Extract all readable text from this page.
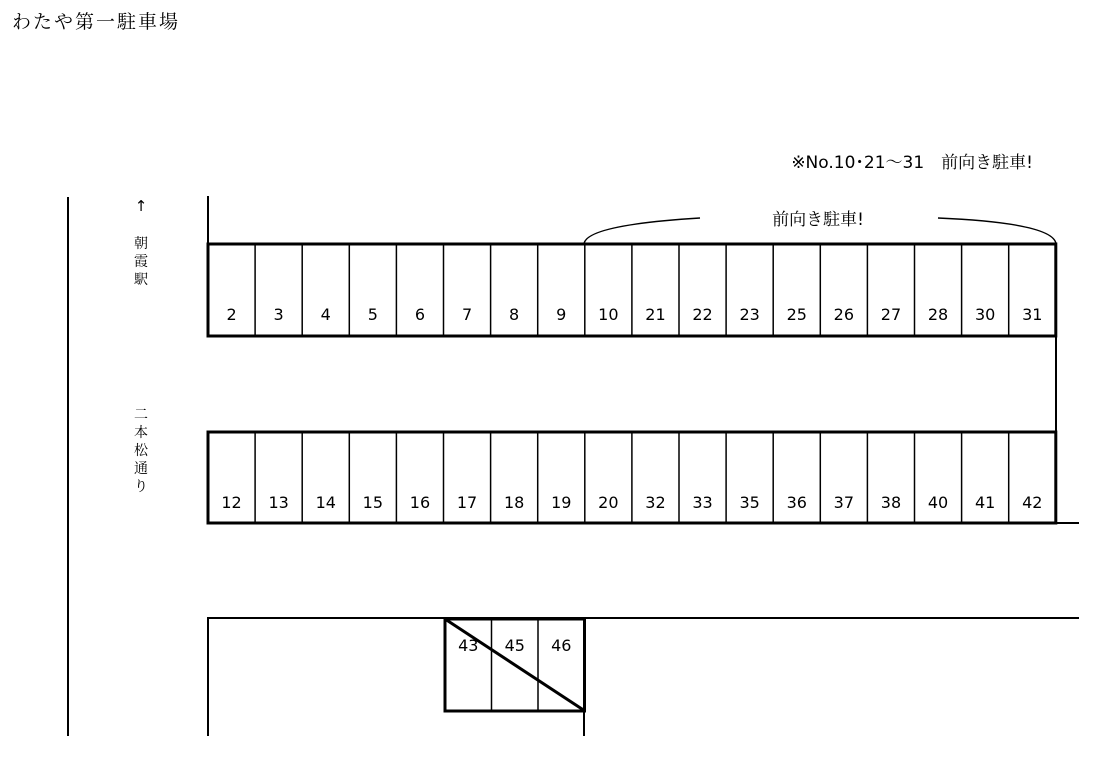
わたや第一駐車場
※No.10･21～31　前向き駐車!
↑
朝
霞
駅
二
本
松
通
り
前向き駐車!
2 3 4 5 6 7 8 9 10 21 22 23 25 26 27 28 30 31
12 13 14 15 16 17 18 19 20 32 33 35 36 37 38 40 41 42
43 45 46
